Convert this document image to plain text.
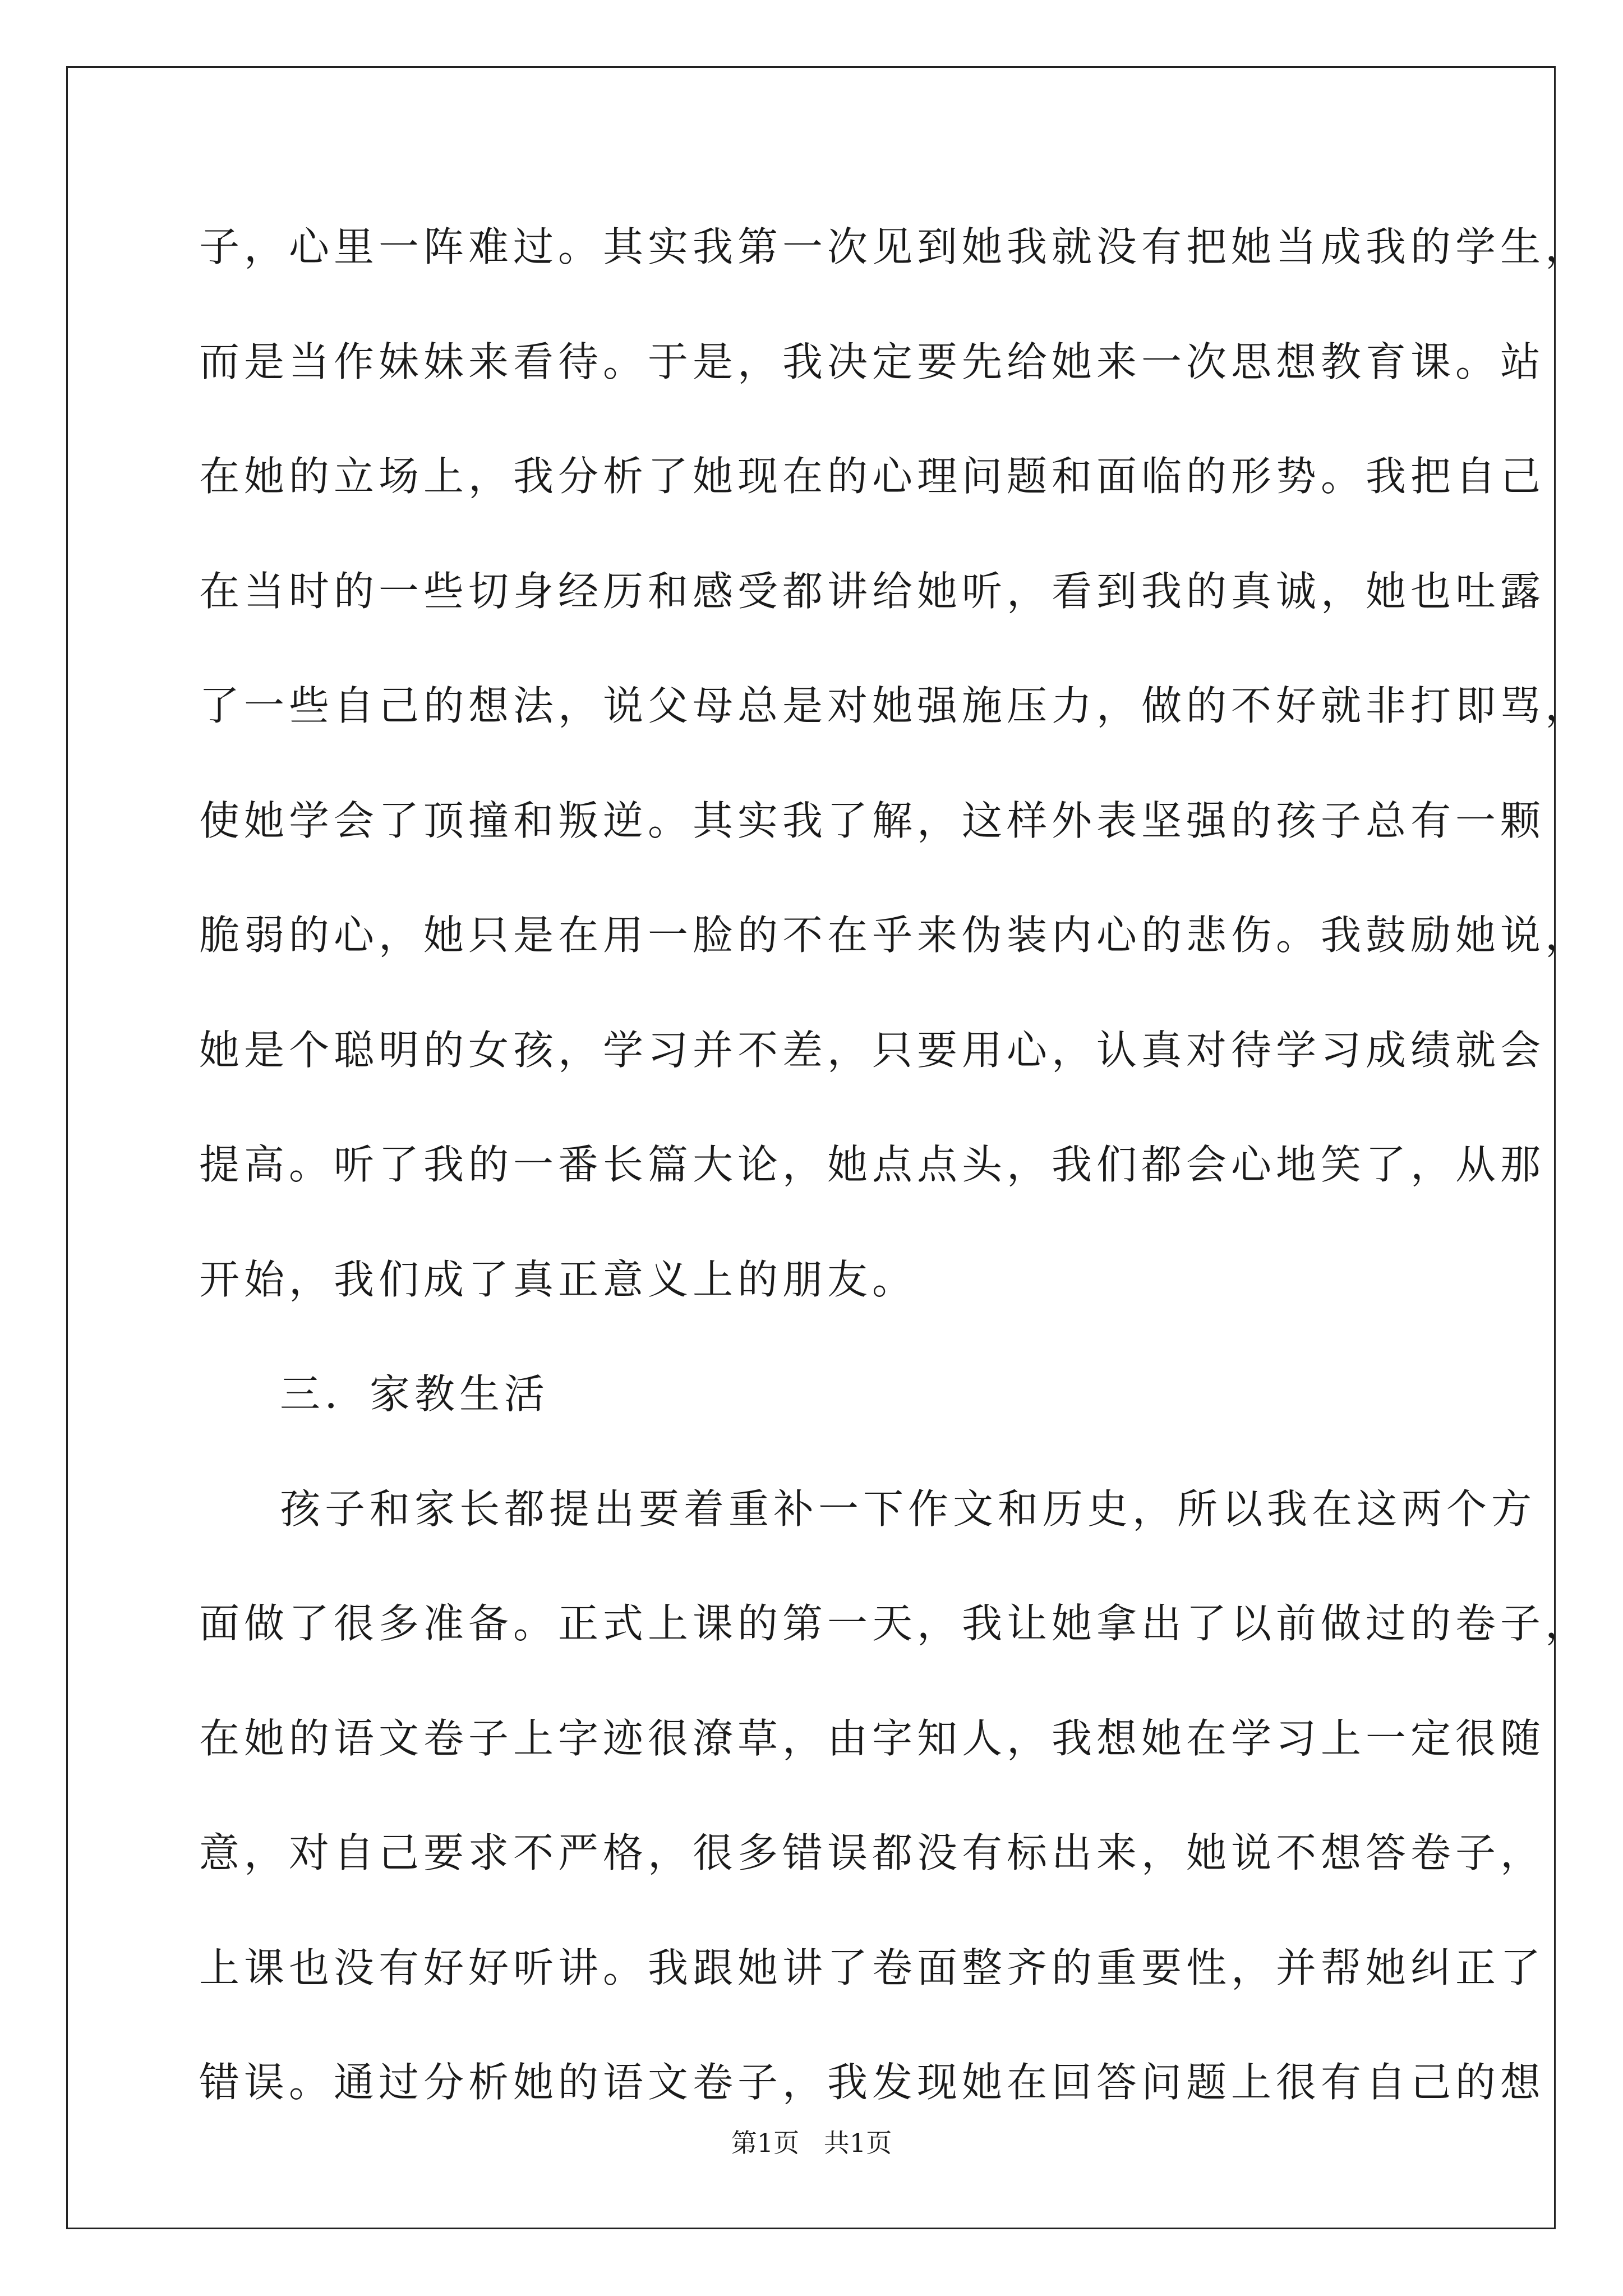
子，心里一阵难过。其实我第一次见到她我就没有把她当成我的学生，
而是当作妹妹来看待。于是，我决定要先给她来一次思想教育课。站
在她的立场上，我分析了她现在的心理问题和面临的形势。我把自己
在当时的一些切身经历和感受都讲给她听，看到我的真诚，她也吐露
了一些自己的想法，说父母总是对她强施压力，做的不好就非打即骂，
使她学会了顶撞和叛逆。其实我了解，这样外表坚强的孩子总有一颗
脆弱的心，她只是在用一脸的不在乎来伪装内心的悲伤。我鼓励她说，
她是个聪明的女孩，学习并不差，只要用心，认真对待学习成绩就会
提高。听了我的一番长篇大论，她点点头，我们都会心地笑了，从那
开始，我们成了真正意义上的朋友。
三．家教生活
孩子和家长都提出要着重补一下作文和历史，所以我在这两个方
面做了很多准备。正式上课的第一天，我让她拿出了以前做过的卷子，
在她的语文卷子上字迹很潦草，由字知人，我想她在学习上一定很随
意，对自己要求不严格，很多错误都没有标出来，她说不想答卷子，
上课也没有好好听讲。我跟她讲了卷面整齐的重要性，并帮她纠正了
错误。通过分析她的语文卷子，我发现她在回答问题上很有自己的想
第1页   共1页
